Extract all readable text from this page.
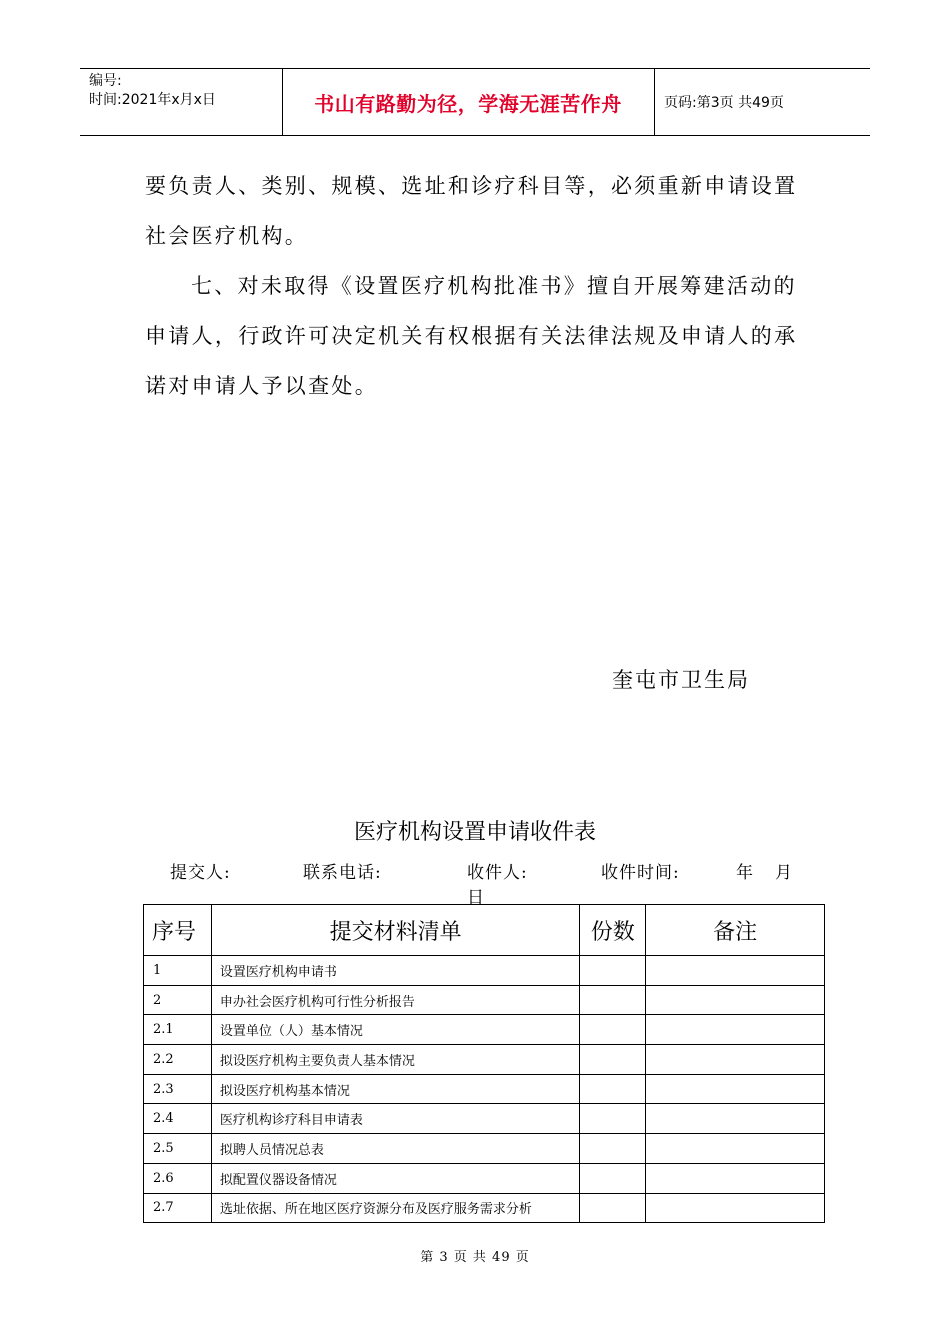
编号:
时间:2021年x月x日	书山有路勤为径，学海无涯苦作舟	页码:第3页 共49页

要负责人、类别、规模、选址和诊疗科目等，必须重新申请设置社会医疗机构。

七、对未取得《设置医疗机构批准书》擅自开展筹建活动的申请人，行政许可决定机关有权根据有关法律法规及申请人的承诺对申请人予以查处。

奎屯市卫生局
医疗机构设置申请收件表
提交人:	联系电话:	收件人:	收件时间:	年 月
日
序号	提交材料清单	份数	备注
1	设置医疗机构申请书		
2	申办社会医疗机构可行性分析报告		
2.1	设置单位（人）基本情况		
2.2	拟设医疗机构主要负责人基本情况		
2.3	拟设医疗机构基本情况		
2.4	医疗机构诊疗科目申请表		
2.5	拟聘人员情况总表		
2.6	拟配置仪器设备情况		
2.7	选址依据、所在地区医疗资源分布及医疗服务需求分析		
第 3 页 共 49 页
